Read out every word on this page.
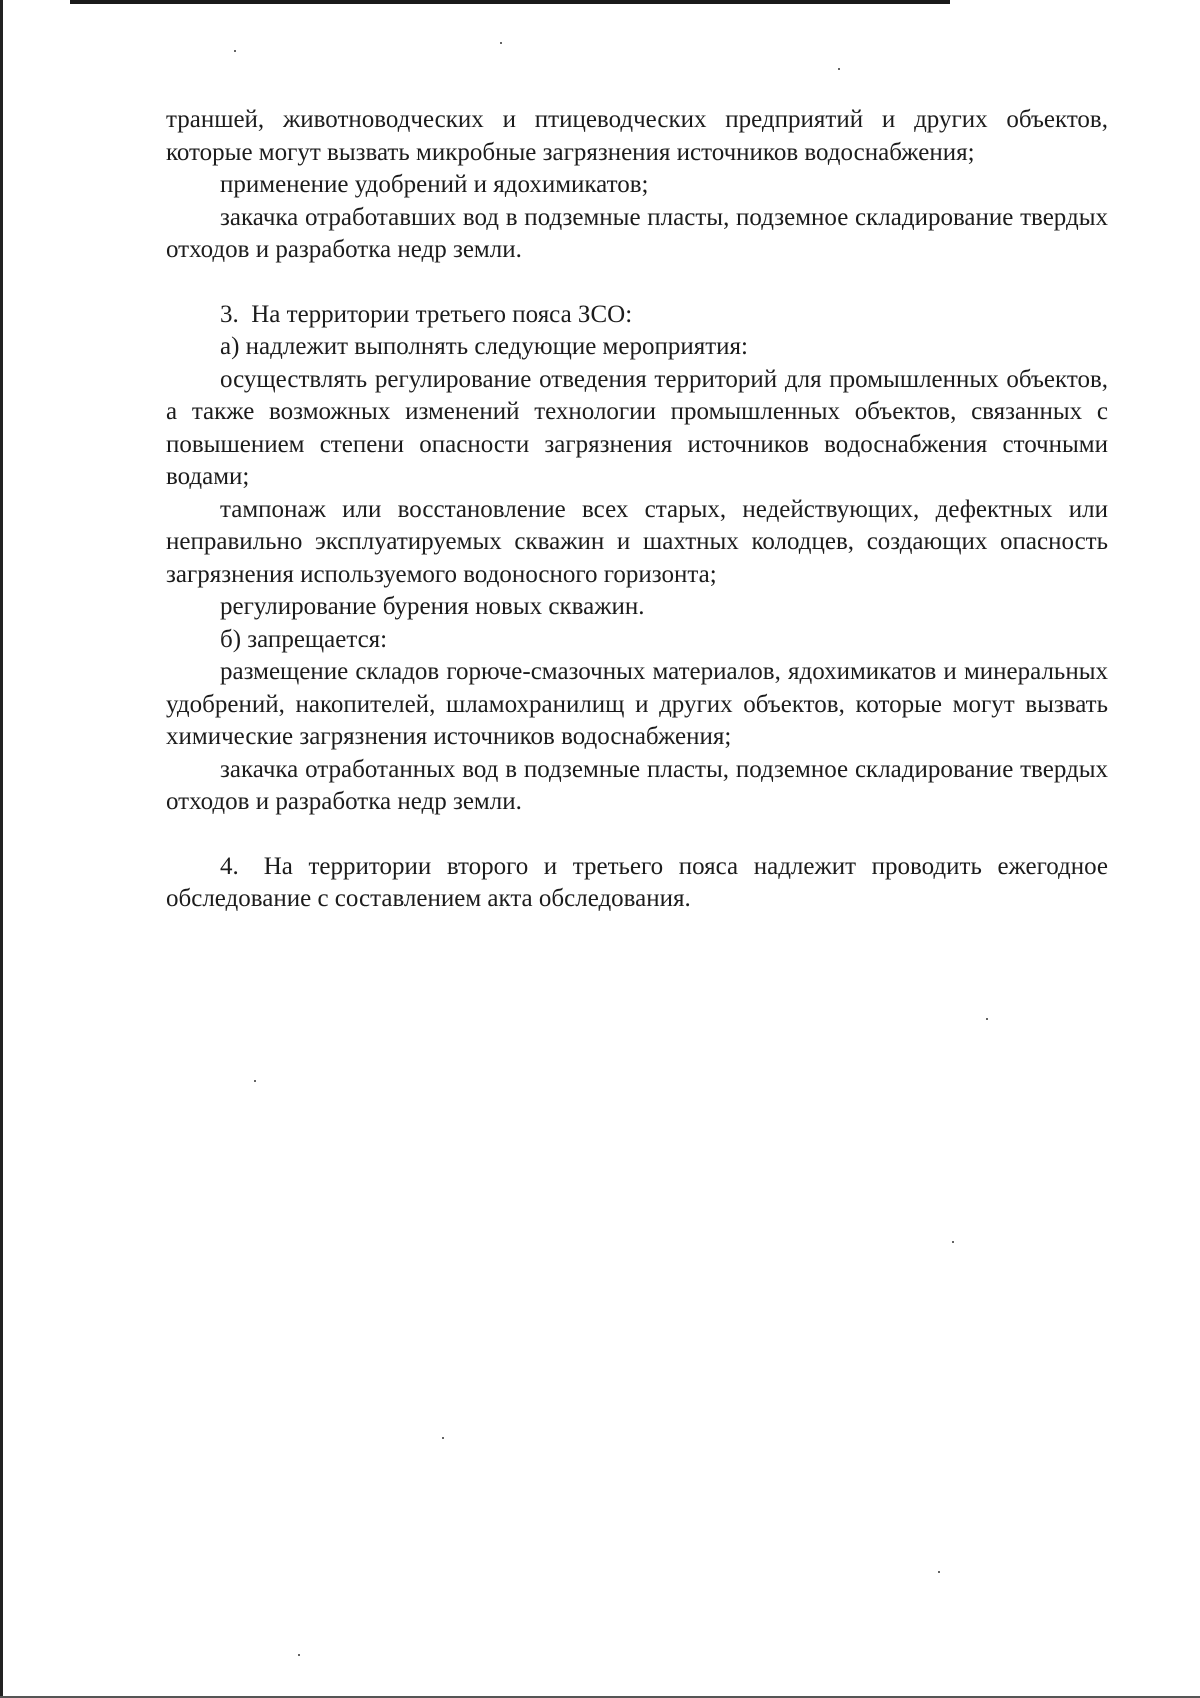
траншей, животноводческих и птицеводческих предприятий и других объектов, которые могут вызвать микробные загрязнения источников водоснабжения;

применение удобрений и ядохимикатов;

закачка отработавших вод в подземные пласты, подземное складирование твердых отходов и разработка недр земли.

3. На территории третьего пояса ЗСО:

а) надлежит выполнять следующие мероприятия:

осуществлять регулирование отведения территорий для промышленных объектов, а также возможных изменений технологии промышленных объектов, связанных с повышением степени опасности загрязнения источников водоснабжения сточными водами;

тампонаж или восстановление всех старых, недействующих, дефектных или неправильно эксплуатируемых скважин и шахтных колодцев, создающих опасность загрязнения используемого водоносного горизонта;

регулирование бурения новых скважин.

б) запрещается:

размещение складов горюче-смазочных материалов, ядохимикатов и минеральных удобрений, накопителей, шламохранилищ и других объектов, которые могут вызвать химические загрязнения источников водоснабжения;

закачка отработанных вод в подземные пласты, подземное складирование твердых отходов и разработка недр земли.

4. На территории второго и третьего пояса надлежит проводить ежегодное обследование с составлением акта обследования.
